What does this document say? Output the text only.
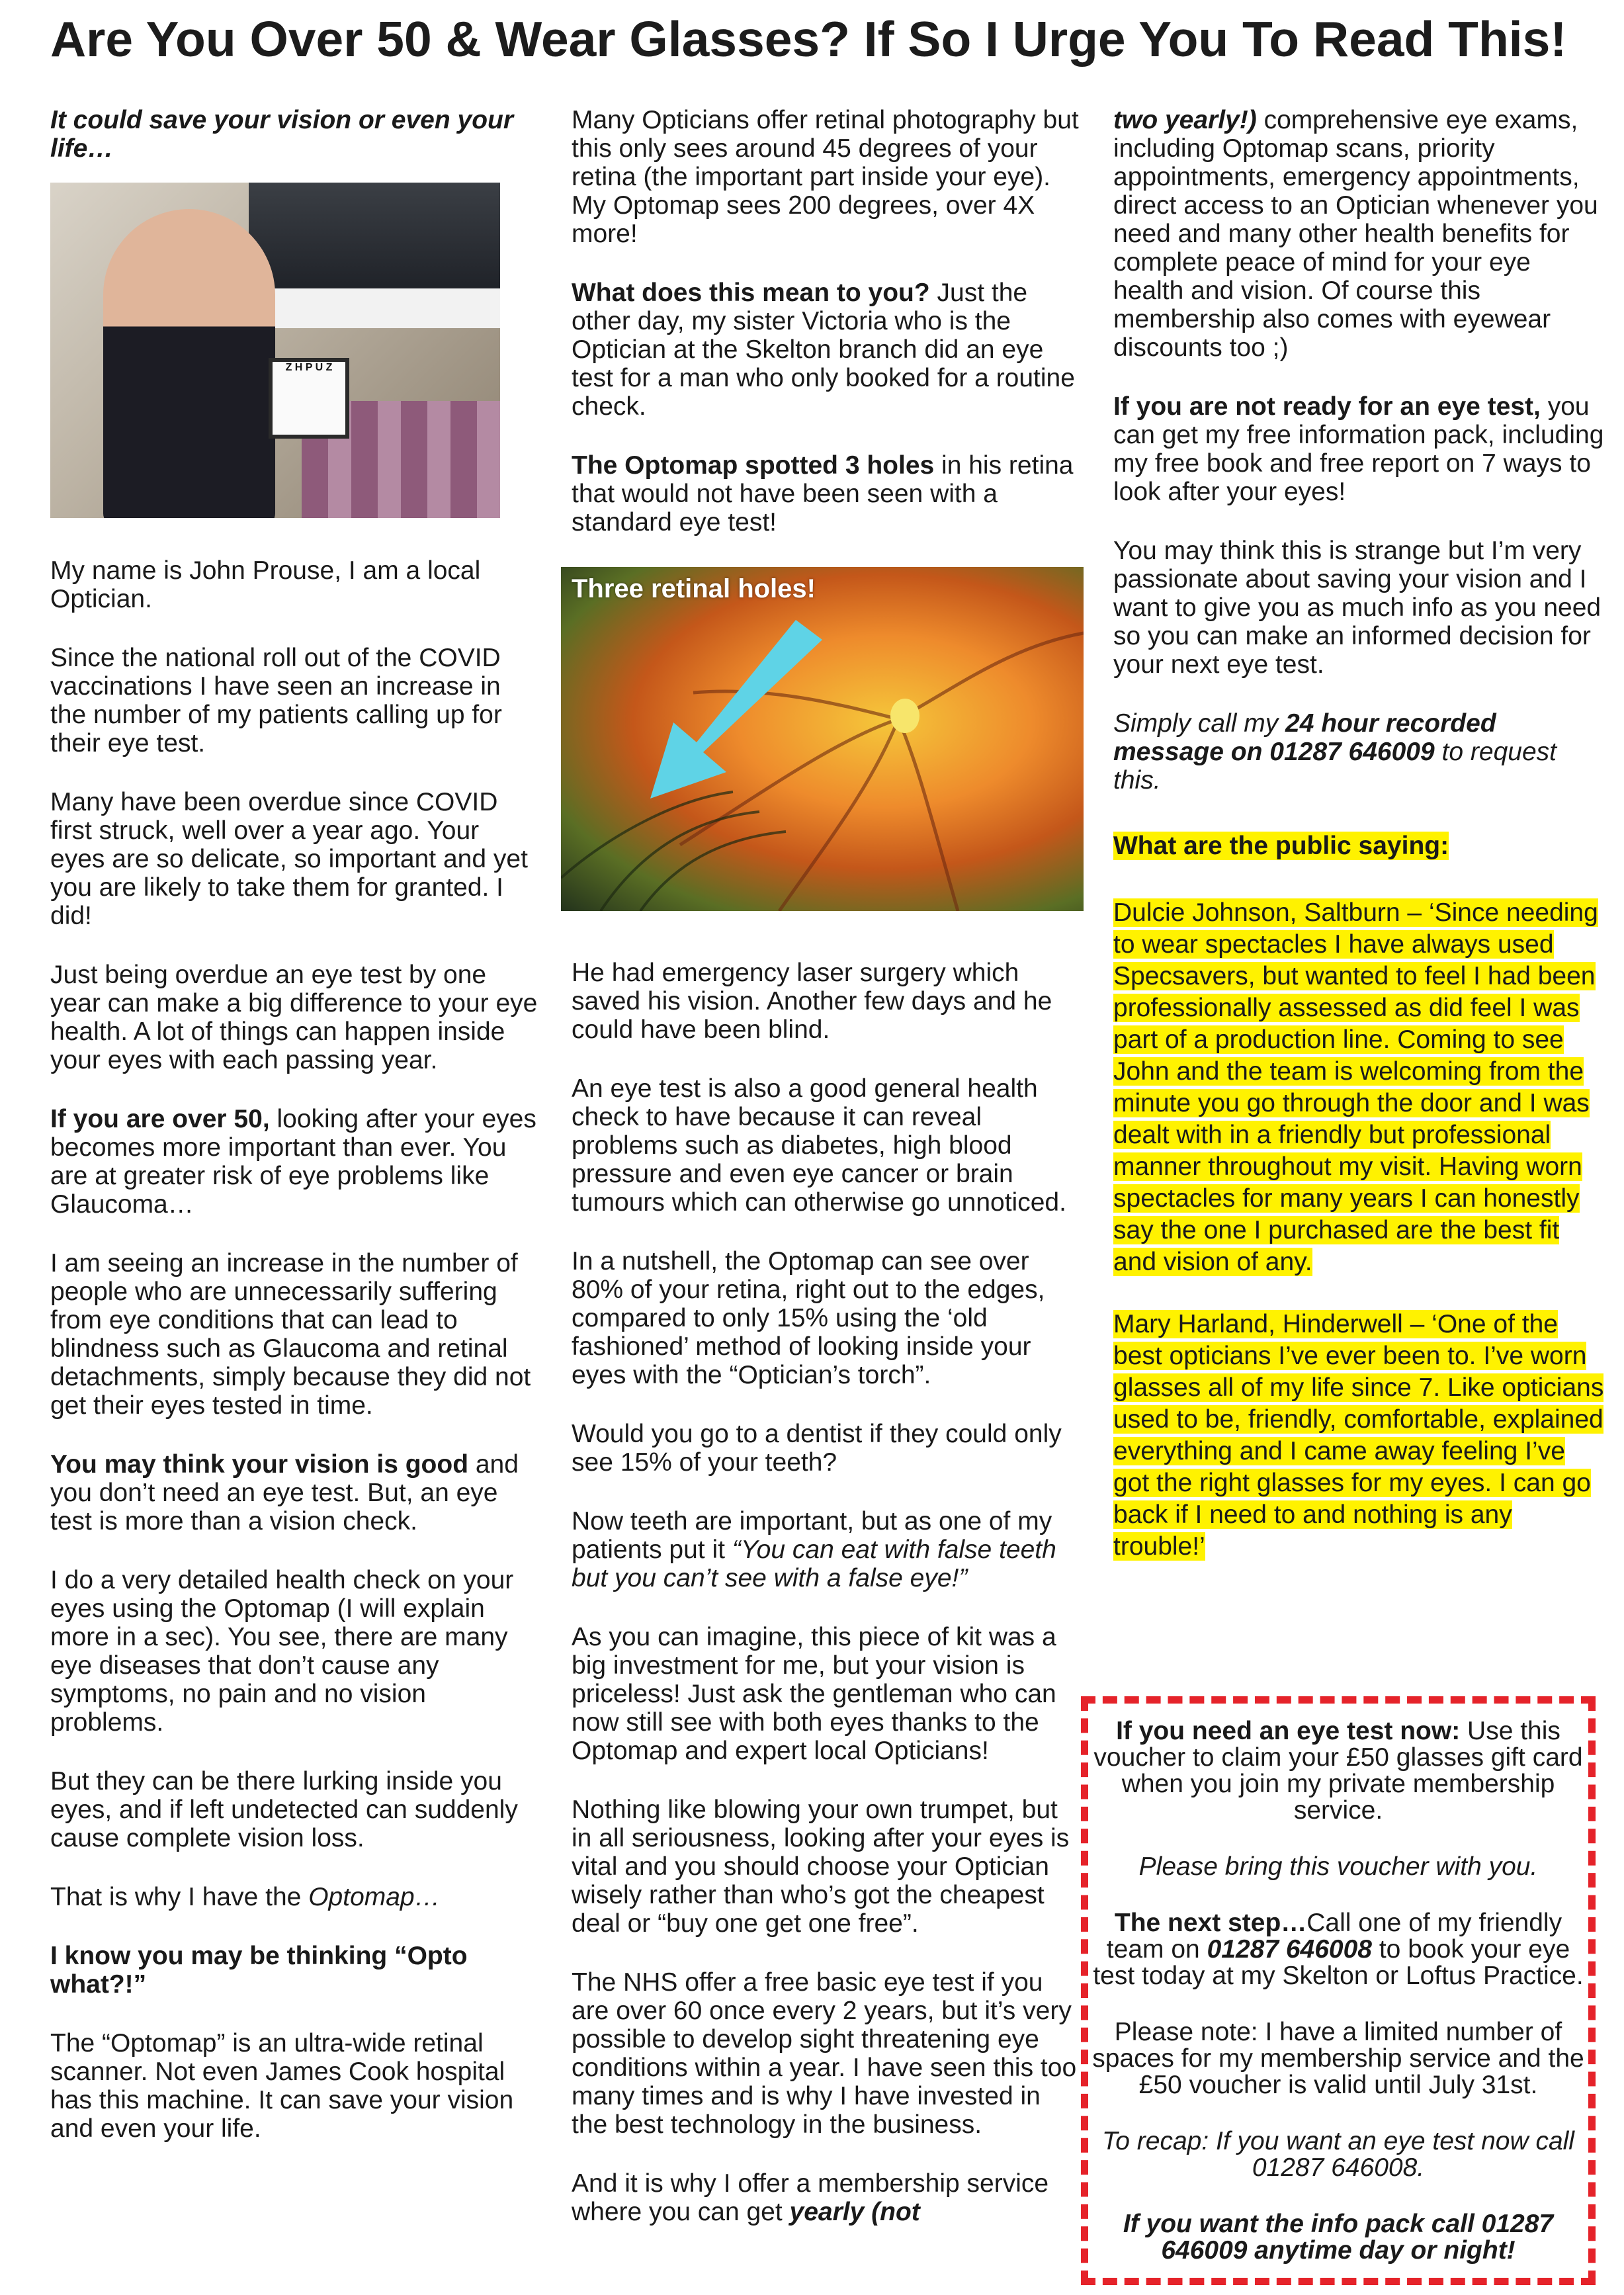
Are You Over 50 & Wear Glasses? If So I Urge You To Read This!

It could save your vision or even your life…

Z H P U Z

My name is John Prouse, I am a local Optician.

Since the national roll out of the COVID vaccinations I have seen an increase in the number of my patients calling up for their eye test.

Many have been overdue since COVID first struck, well over a year ago. Your eyes are so delicate, so important and yet you are likely to take them for granted. I did!

Just being overdue an eye test by one year can make a big difference to your eye health. A lot of things can happen inside your eyes with each passing year.

If you are over 50, looking after your eyes becomes more important than ever. You are at greater risk of eye problems like Glaucoma…

I am seeing an increase in the number of people who are unnecessarily suffering from eye conditions that can lead to blindness such as Glaucoma and retinal detachments, simply because they did not get their eyes tested in time.

You may think your vision is good and you don’t need an eye test. But, an eye test is more than a vision check.

I do a very detailed health check on your eyes using the Optomap (I will explain more in a sec). You see, there are many eye diseases that don’t cause any symptoms, no pain and no vision problems.

But they can be there lurking inside you eyes, and if left undetected can suddenly cause complete vision loss.

That is why I have the Optomap…

I know you may be thinking “Opto what?!”

The “Optomap” is an ultra-wide retinal scanner. Not even James Cook hospital has this machine. It can save your vision and even your life.

Many Opticians offer retinal photography but this only sees around 45 degrees of your retina (the important part inside your eye). My Optomap sees 200 degrees, over 4X more!

What does this mean to you? Just the other day, my sister Victoria who is the Optician at the Skelton branch did an eye test for a man who only booked for a routine check.

The Optomap spotted 3 holes in his retina that would not have been seen with a standard eye test!

Three retinal holes!

He had emergency laser surgery which saved his vision. Another few days and he could have been blind.

An eye test is also a good general health check to have because it can reveal problems such as diabetes, high blood pressure and even eye cancer or brain tumours which can otherwise go unnoticed.

In a nutshell, the Optomap can see over 80% of your retina, right out to the edges, compared to only 15% using the ‘old fashioned’ method of looking inside your eyes with the “Optician’s torch”.

Would you go to a dentist if they could only see 15% of your teeth?

Now teeth are important, but as one of my patients put it “You can eat with false teeth but you can’t see with a false eye!”

As you can imagine, this piece of kit was a big investment for me, but your vision is priceless! Just ask the gentleman who can now still see with both eyes thanks to the Optomap and expert local Opticians!

Nothing like blowing your own trumpet, but in all seriousness, looking after your eyes is vital and you should choose your Optician wisely rather than who’s got the cheapest deal or “buy one get one free”.

The NHS offer a free basic eye test if you are over 60 once every 2 years, but it’s very possible to develop sight threatening eye conditions within a year. I have seen this too many times and is why I have invested in the best technology in the business.

And it is why I offer a membership service where you can get yearly (not

two yearly!) comprehensive eye exams, including Optomap scans, priority appointments, emergency appointments, direct access to an Optician whenever you need and many other health benefits for complete peace of mind for your eye health and vision. Of course this membership also comes with eyewear discounts too ;)

If you are not ready for an eye test, you can get my free information pack, including my free book and free report on 7 ways to look after your eyes!

You may think this is strange but I’m very passionate about saving your vision and I want to give you as much info as you need so you can make an informed decision for your next eye test.

Simply call my 24 hour recorded message on 01287 646009 to request this.

What are the public saying:

Dulcie Johnson, Saltburn – ‘Since needing to wear spectacles I have always used Specsavers, but wanted to feel I had been professionally assessed as did feel I was part of a production line. Coming to see John and the team is welcoming from the minute you go through the door and I was dealt with in a friendly but professional manner throughout my visit. Having worn spectacles for many years I can honestly say the one I purchased are the best fit and vision of any.

Mary Harland, Hinderwell – ‘One of the best opticians I’ve ever been to. I’ve worn glasses all of my life since 7. Like opticians used to be, friendly, comfortable, explained everything and I came away feeling I’ve got the right glasses for my eyes. I can go back if I need to and nothing is any trouble!’

If you need an eye test now: Use this voucher to claim your £50 glasses gift card when you join my private membership service.

Please bring this voucher with you.

The next step…Call one of my friendly team on 01287 646008 to book your eye test today at my Skelton or Loftus Practice.

Please note: I have a limited number of spaces for my membership service and the £50 voucher is valid until July 31st.

To recap: If you want an eye test now call 01287 646008.

If you want the info pack call 01287 646009 anytime day or night!
